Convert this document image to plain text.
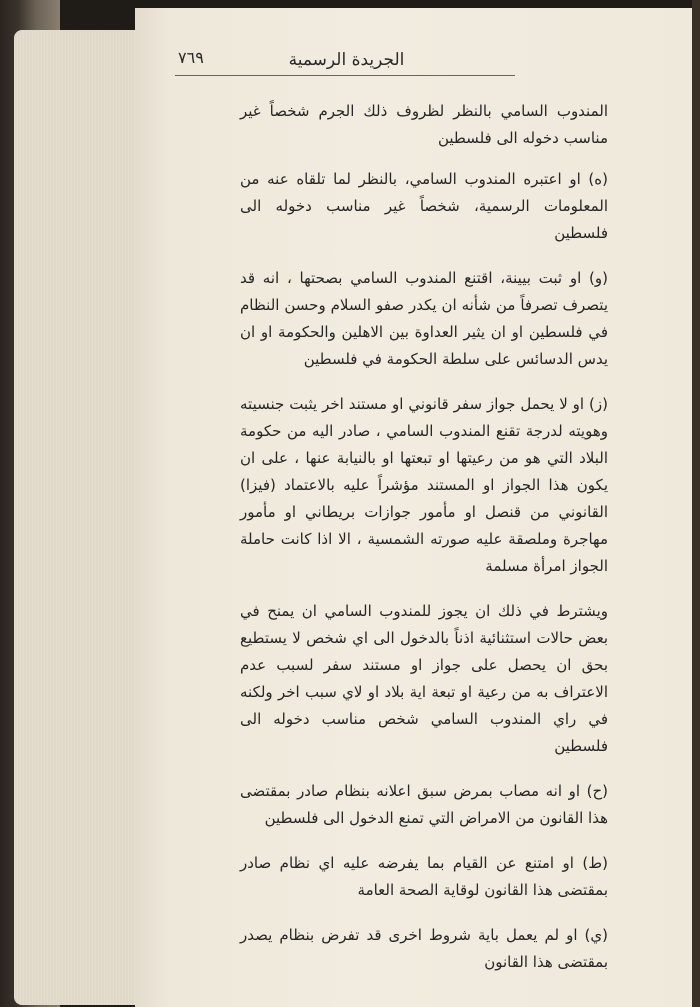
الجريدة الرسمية
٧٦٩

المندوب السامي بالنظر لظروف ذلك الجرم شخصاً غير مناسب دخوله الى فلسطين

(ه) او اعتبره المندوب السامي، بالنظر لما تلقاه عنه من المعلومات الرسمية، شخصاً غير مناسب دخوله الى فلسطين

(و) او ثبت بيينة، اقتنع المندوب السامي بصحتها ، انه قد يتصرف تصرفاً من شأنه ان يكدر صفو السلام وحسن النظام في فلسطين او ان يثير العداوة بين الاهلين والحكومة او ان يدس الدسائس على سلطة الحكومة في فلسطين

(ز) او لا يحمل جواز سفر قانوني او مستند اخر يثبت جنسيته وهويته لدرجة تقنع المندوب السامي ، صادر اليه من حكومة البلاد التي هو من رعيتها او تبعتها او بالنيابة عنها ، على ان يكون هذا الجواز او المستند مؤشراً عليه بالاعتماد (فيزا) القانوني من قنصل او مأمور جوازات بريطاني او مأمور مهاجرة وملصقة عليه صورته الشمسية ، الا اذا كانت حاملة الجواز امرأة مسلمة

ويشترط في ذلك ان يجوز للمندوب السامي ان يمنح في بعض حالات استثنائية اذناً بالدخول الى اي شخص لا يستطيع بحق ان يحصل على جواز او مستند سفر لسبب عدم الاعتراف به من رعية او تبعة اية بلاد او لاي سبب اخر ولكنه في راي المندوب السامي شخص مناسب دخوله الى فلسطين

(ح) او انه مصاب بمرض سبق اعلانه بنظام صادر بمقتضى هذا القانون من الامراض التي تمنع الدخول الى فلسطين

(ط) او امتنع عن القيام بما يفرضه عليه اي نظام صادر بمقتضى هذا القانون لوقاية الصحة العامة

(ي) او لم يعمل باية شروط اخرى قد تفرض بنظام يصدر بمقتضى هذا القانون
